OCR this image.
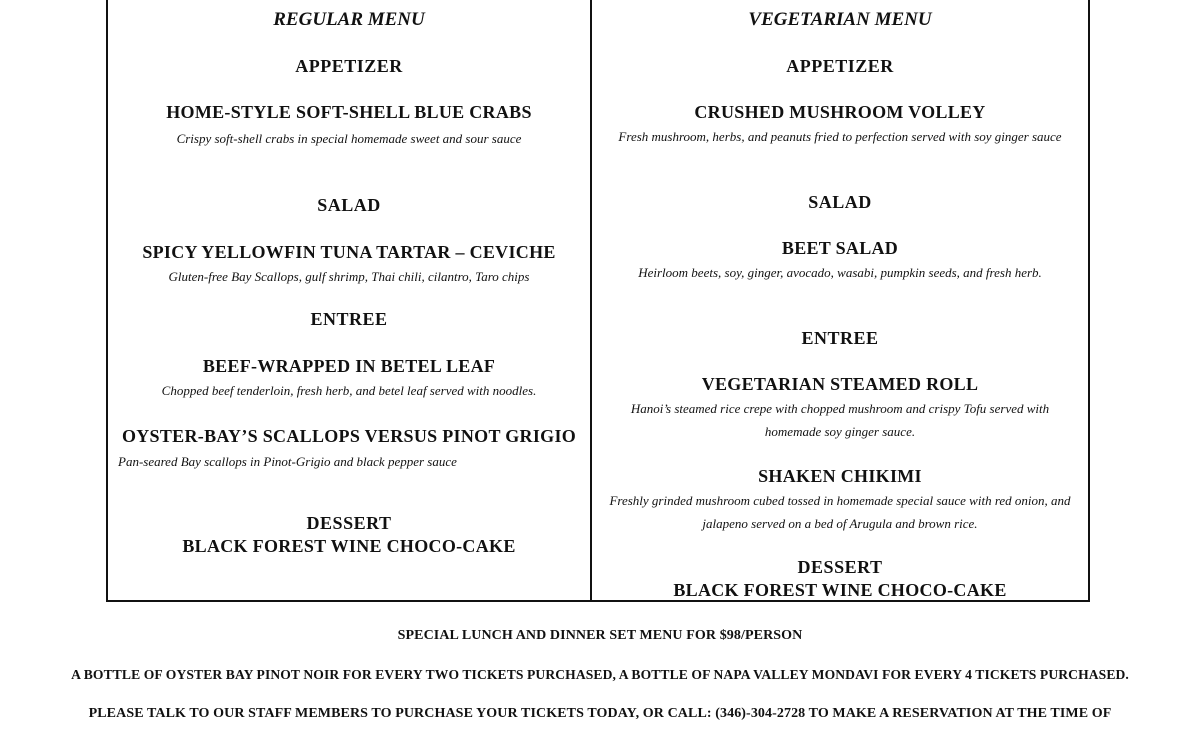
REGULAR MENU
APPETIZER
HOME-STYLE SOFT-SHELL BLUE CRABS
Crispy soft-shell crabs in special homemade sweet and sour sauce
SALAD
SPICY YELLOWFIN TUNA TARTAR – CEVICHE
Gluten-free Bay Scallops, gulf shrimp, Thai chili, cilantro, Taro chips
ENTREE
BEEF-WRAPPED IN BETEL LEAF
Chopped beef tenderloin, fresh herb, and betel leaf served with noodles.
OYSTER-BAY’S SCALLOPS VERSUS PINOT GRIGIO
Pan-seared Bay scallops in Pinot-Grigio and black pepper sauce
DESSERT
BLACK FOREST WINE CHOCO-CAKE
VEGETARIAN MENU
APPETIZER
CRUSHED MUSHROOM VOLLEY
Fresh mushroom, herbs, and peanuts fried to perfection served with soy ginger sauce
SALAD
BEET SALAD
Heirloom beets, soy, ginger, avocado, wasabi, pumpkin seeds, and fresh herb.
ENTREE
VEGETARIAN STEAMED ROLL
Hanoi’s steamed rice crepe with chopped mushroom and crispy Tofu served with homemade soy ginger sauce.
SHAKEN CHIKIMI
Freshly grinded mushroom cubed tossed in homemade special sauce with red onion, and jalapeno served on a bed of Arugula and brown rice.
DESSERT
BLACK FOREST WINE CHOCO-CAKE
SPECIAL LUNCH AND DINNER SET MENU FOR $98/PERSON
A BOTTLE OF OYSTER BAY PINOT NOIR FOR EVERY TWO TICKETS PURCHASED, A BOTTLE OF NAPA VALLEY MONDAVI FOR EVERY 4 TICKETS PURCHASED.
PLEASE TALK TO OUR STAFF MEMBERS TO PURCHASE YOUR TICKETS TODAY, OR CALL: (346)-304-2728 TO MAKE A RESERVATION AT THE TIME OF
